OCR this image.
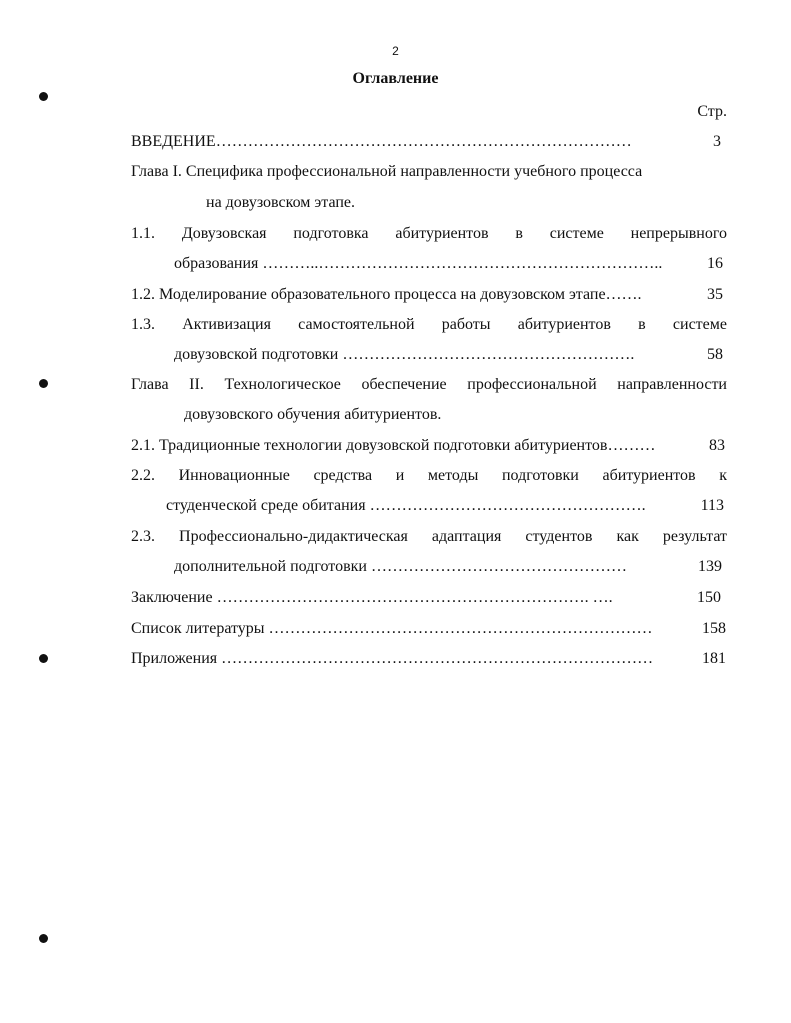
2
Оглавление
Стр.
ВВЕДЕНИЕ……………………………………………………………………	3
Глава I. Специфика профессиональной направленности учебного процесса
на довузовском этапе.
1.1. Довузовская подготовка абитуриентов в системе непрерывного
образования ………..………………………………………………………..	16
1.2. Моделирование образовательного процесса на довузовском этапе…….	35
1.3. Активизация самостоятельной работы абитуриентов в системе
довузовской подготовки ……………………………………………….	58
Глава II. Технологическое обеспечение профессиональной направленности
довузовского обучения абитуриентов.
2.1. Традиционные технологии довузовской подготовки абитуриентов………	83
2.2. Инновационные средства и методы подготовки абитуриентов к
студенческой среде обитания …………………………………………….	113
2.3. Профессионально-дидактическая адаптация студентов как результат
дополнительной подготовки …………………………………………	139
Заключение ……………………………………………………………. ….	150
Список литературы ………………………………………………………………	158
Приложения ………………………………………………………………………	181
